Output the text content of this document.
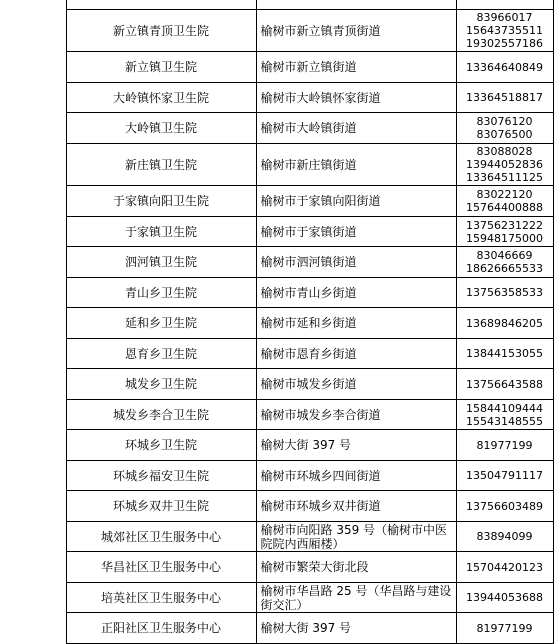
	新立镇青顶卫生院	榆树市新立镇青顶街道	83966017
15643735511
19302557186

	新立镇卫生院	榆树市新立镇街道	13364640849

	大岭镇怀家卫生院	榆树市大岭镇怀家街道	13364518817

	大岭镇卫生院	榆树市大岭镇街道	83076120
83076500

	新庄镇卫生院	榆树市新庄镇街道	83088028
13944052836
13364511125

	于家镇向阳卫生院	榆树市于家镇向阳街道	83022120
15764400888

	于家镇卫生院	榆树市于家镇街道	13756231222
15948175000

	泗河镇卫生院	榆树市泗河镇街道	83046669
18626665533

	青山乡卫生院	榆树市青山乡街道	13756358533

	延和乡卫生院	榆树市延和乡街道	13689846205

	恩育乡卫生院	榆树市恩育乡街道	13844153055

	城发乡卫生院	榆树市城发乡街道	13756643588

	城发乡李合卫生院	榆树市城发乡李合街道	15844109444
15543148555

	环城乡卫生院	榆树大街 397 号	81977199

	环城乡福安卫生院	榆树市环城乡四间街道	13504791117

	环城乡双井卫生院	榆树市环城乡双井街道	13756603489

	城郊社区卫生服务中心	榆树市向阳路 359 号（榆树市中医院院内西厢楼）	83894099

	华昌社区卫生服务中心	榆树市繁荣大街北段	15704420123

	培英社区卫生服务中心	榆树市华昌路 25 号（华昌路与建设街交汇）	13944053688

	正阳社区卫生服务中心	榆树大街 397 号	81977199
